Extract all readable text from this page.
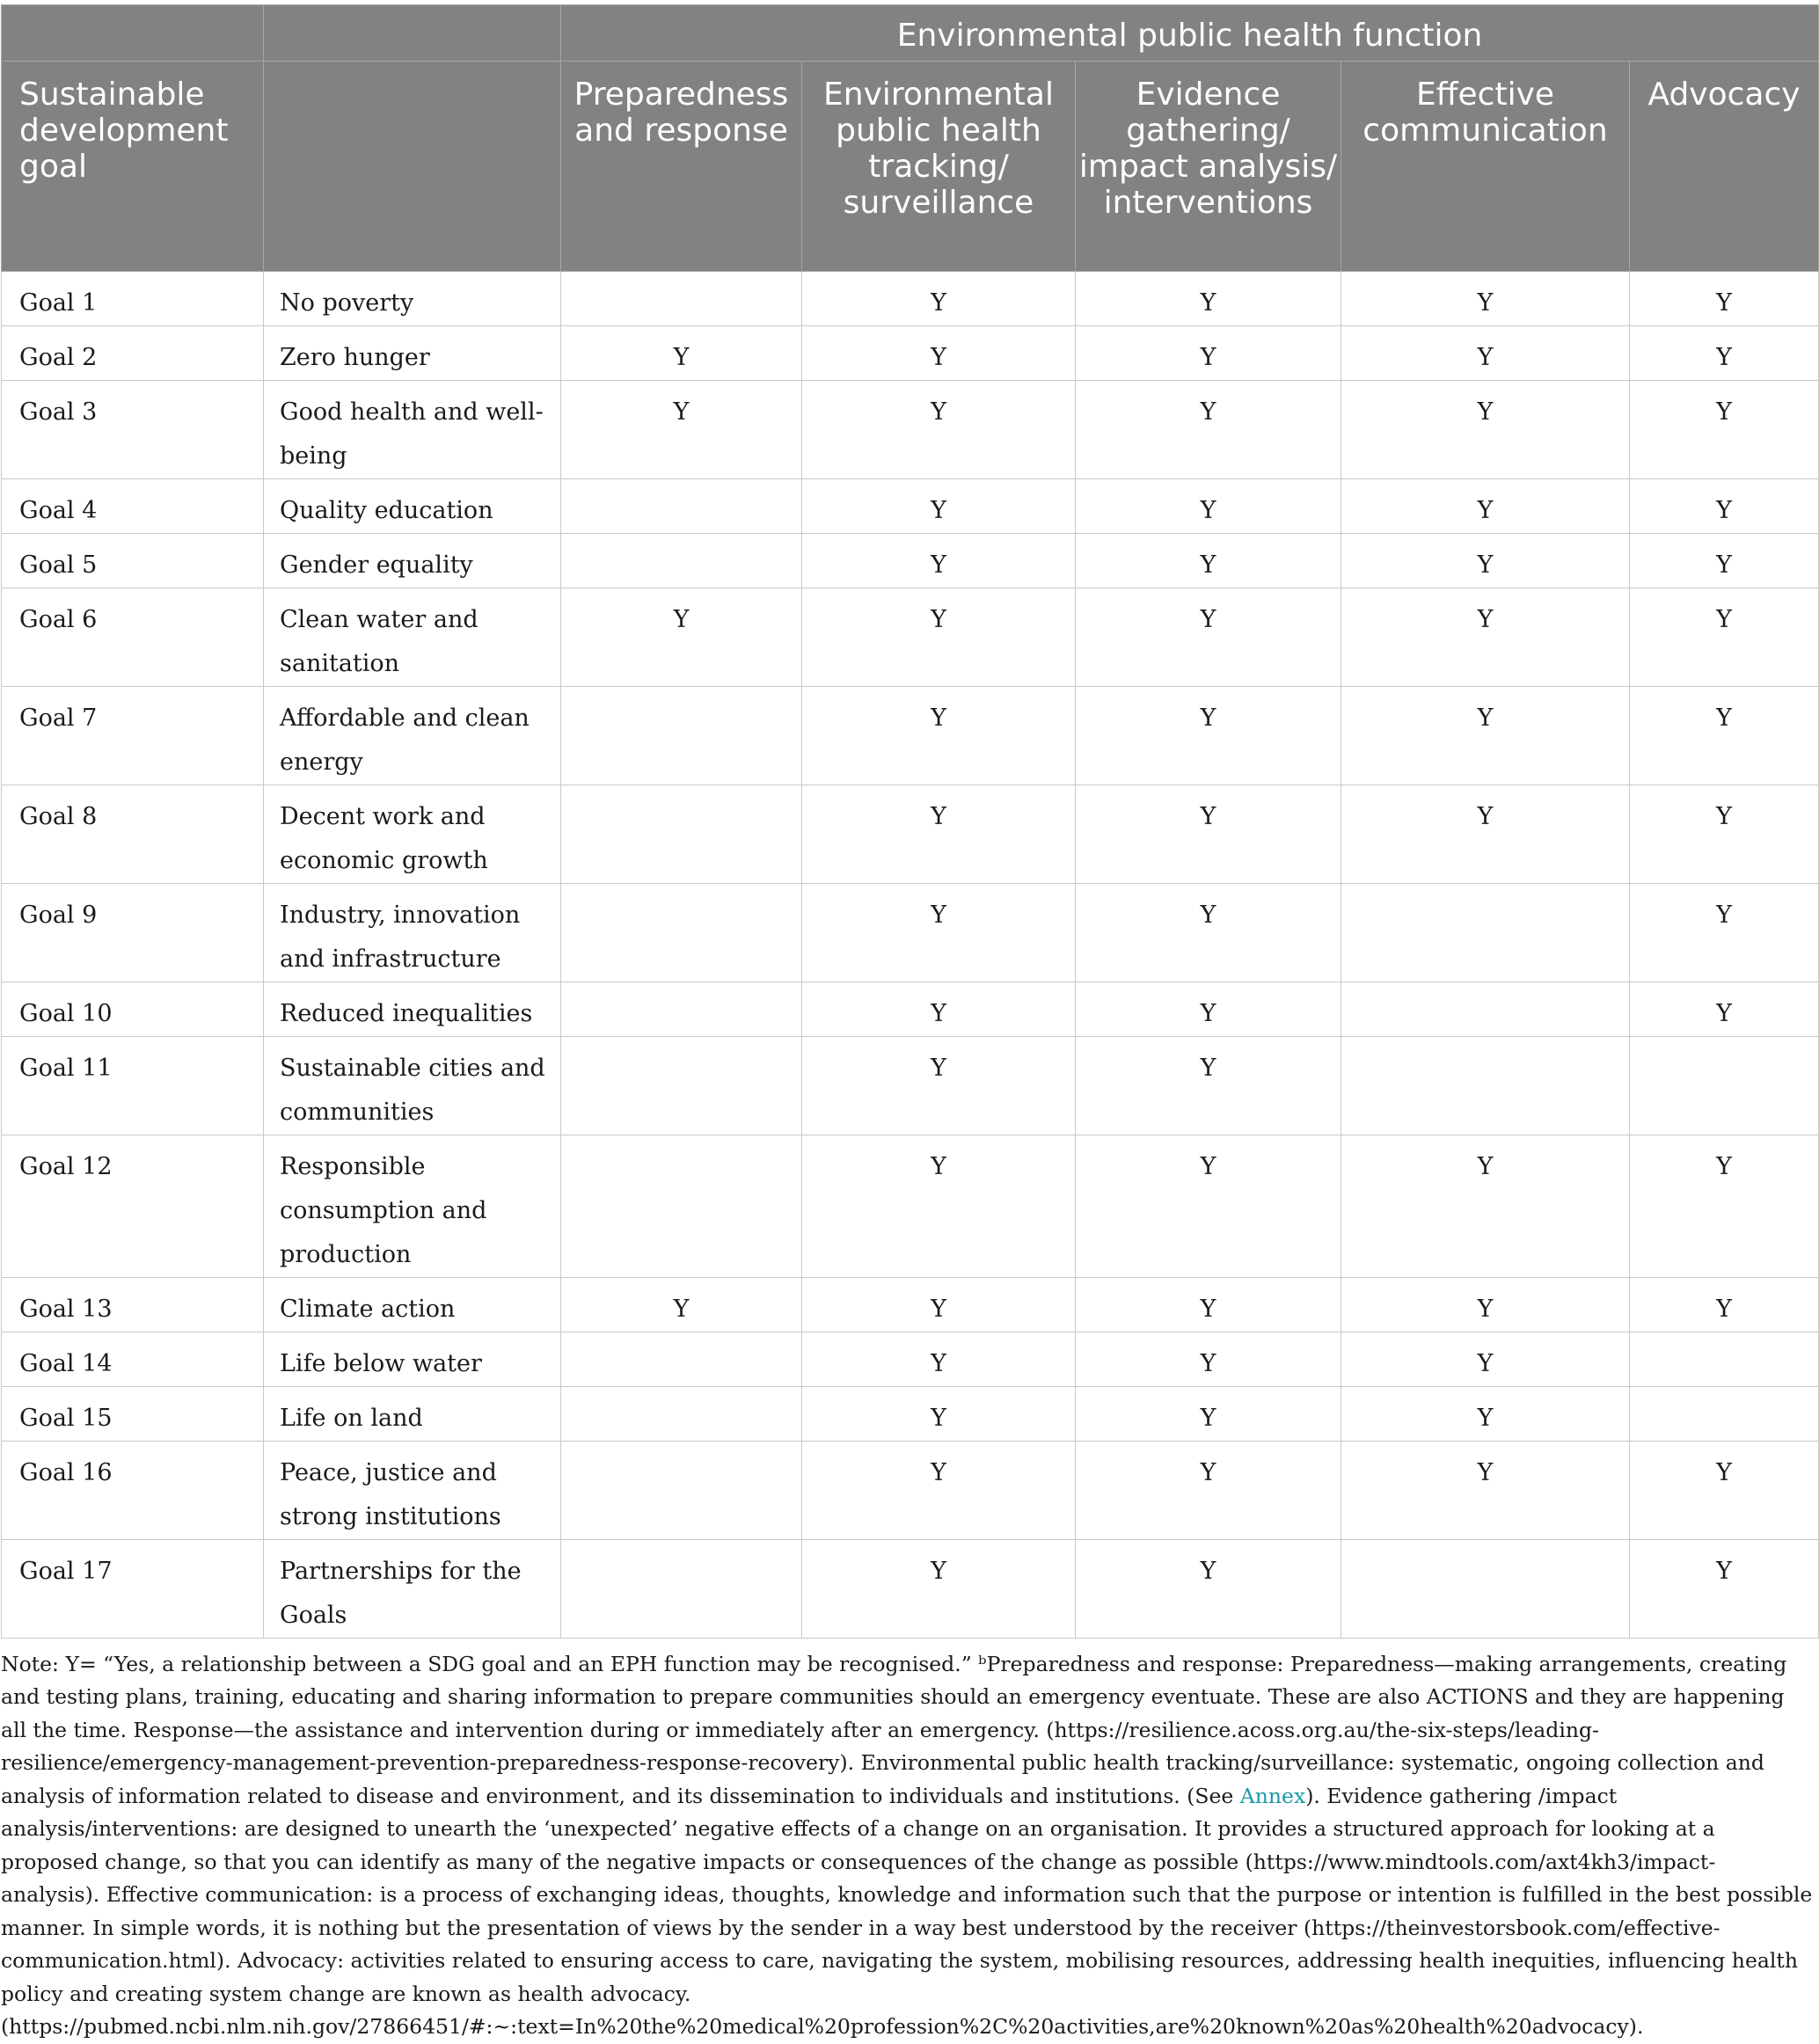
		Environmental public health function				
Sustainable development goal		Preparedness and response	Environmental public health tracking/ surveillance	Evidence gathering/ impact analysis/ interventions	Effective communication	Advocacy
Goal 1	No poverty		Y	Y	Y	Y
Goal 2	Zero hunger	Y	Y	Y	Y	Y
Goal 3	Good health and well-being	Y	Y	Y	Y	Y
Goal 4	Quality education		Y	Y	Y	Y
Goal 5	Gender equality		Y	Y	Y	Y
Goal 6	Clean water and sanitation	Y	Y	Y	Y	Y
Goal 7	Affordable and clean energy		Y	Y	Y	Y
Goal 8	Decent work and economic growth		Y	Y	Y	Y
Goal 9	Industry, innovation and infrastructure		Y	Y		Y
Goal 10	Reduced inequalities		Y	Y		Y
Goal 11	Sustainable cities and communities		Y	Y		
Goal 12	Responsible consumption and production		Y	Y	Y	Y
Goal 13	Climate action	Y	Y	Y	Y	Y
Goal 14	Life below water		Y	Y	Y	
Goal 15	Life on land		Y	Y	Y	
Goal 16	Peace, justice and strong institutions		Y	Y	Y	Y
Goal 17	Partnerships for the Goals		Y	Y		Y

Note: Y= “Yes, a relationship between a SDG goal and an EPH function may be recognised.” ᵇPreparedness and response: Preparedness—making arrangements, creating and testing plans, training, educating and sharing information to prepare communities should an emergency eventuate. These are also ACTIONS and they are happening all the time. Response—the assistance and intervention during or immediately after an emergency. (https://resilience.acoss.org.au/the-six-steps/leading-resilience/emergency-management-prevention-preparedness-response-recovery). Environmental public health tracking/surveillance: systematic, ongoing collection and analysis of information related to disease and environment, and its dissemination to individuals and institutions. (See Annex). Evidence gathering /impact analysis/interventions: are designed to unearth the ‘unexpected’ negative effects of a change on an organisation. It provides a structured approach for looking at a proposed change, so that you can identify as many of the negative impacts or consequences of the change as possible (https://www.mindtools.com/axt4kh3/impact-analysis). Effective communication: is a process of exchanging ideas, thoughts, knowledge and information such that the purpose or intention is fulfilled in the best possible manner. In simple words, it is nothing but the presentation of views by the sender in a way best understood by the receiver (https://theinvestorsbook.com/effective-communication.html). Advocacy: activities related to ensuring access to care, navigating the system, mobilising resources, addressing health inequities, influencing health policy and creating system change are known as health advocacy. (https://pubmed.ncbi.nlm.nih.gov/27866451/#:~:text=In%20the%20medical%20profession%2C%20activities,are%20known%20as%20health%20advocacy).
